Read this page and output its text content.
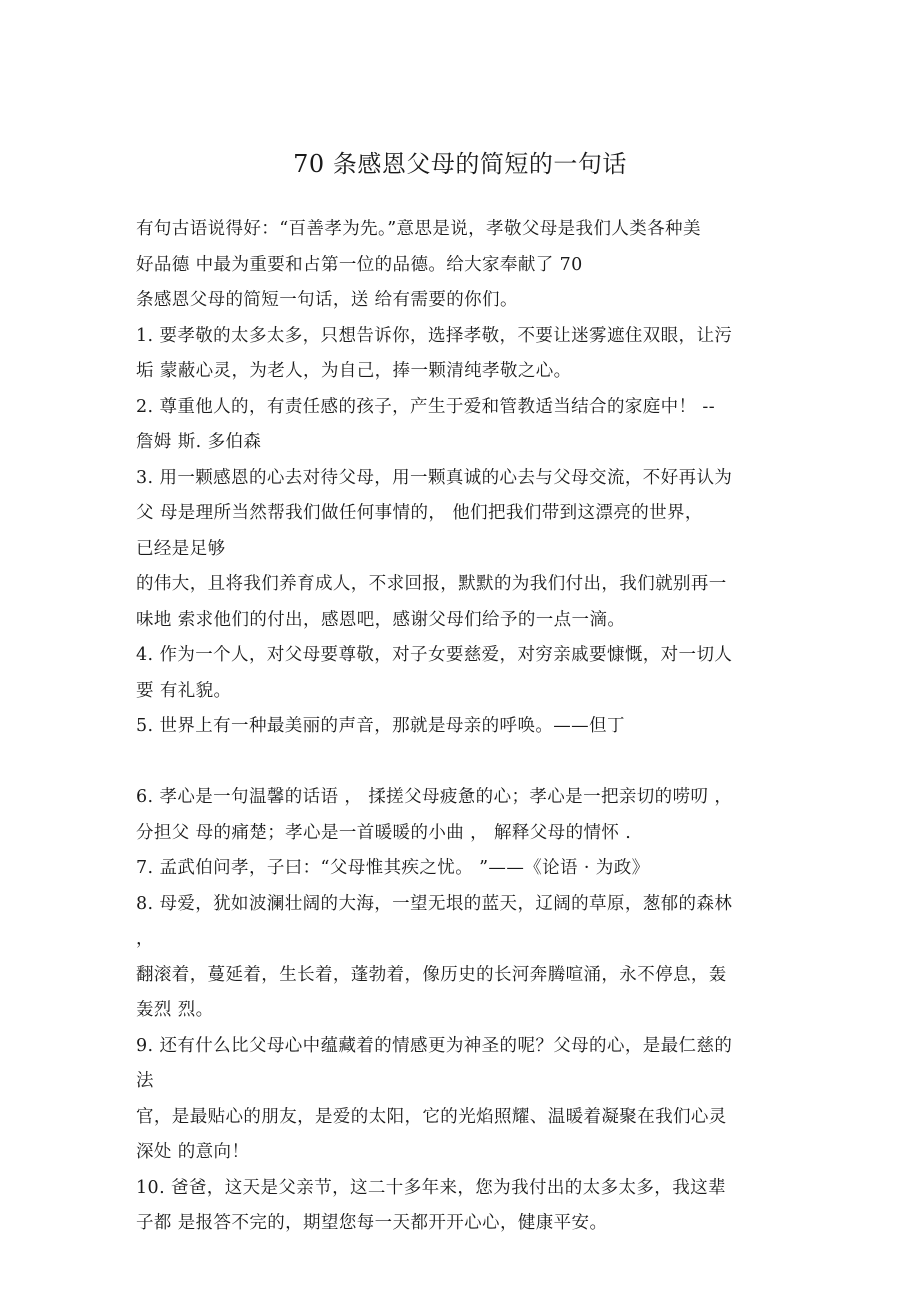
70 条感恩父母的简短的一句话
有句古语说得好：“百善孝为先。”意思是说，孝敬父母是我们人类各种美
好品德 中最为重要和占第一位的品德。给大家奉献了 70
条感恩父母的简短一句话，送 给有需要的你们。
1. 要孝敬的太多太多，只想告诉你，选择孝敬，不要让迷雾遮住双眼，让污
垢 蒙蔽心灵，为老人，为自己，捧一颗清纯孝敬之心。
2. 尊重他人的，有责任感的孩子，产生于爱和管教适当结合的家庭中！ --
詹姆 斯. 多伯森
3. 用一颗感恩的心去对待父母，用一颗真诚的心去与父母交流，不好再认为
父 母是理所当然帮我们做任何事情的， 他们把我们带到这漂亮的世界，
已经是足够
的伟大，且将我们养育成人，不求回报，默默的为我们付出，我们就别再一
味地 索求他们的付出，感恩吧，感谢父母们给予的一点一滴。
4. 作为一个人，对父母要尊敬，对子女要慈爱，对穷亲戚要慷慨，对一切人
要 有礼貌。
5. 世界上有一种最美丽的声音，那就是母亲的呼唤。——但丁
6. 孝心是一句温馨的话语 ， 揉搓父母疲惫的心；孝心是一把亲切的唠叨 ，
分担父 母的痛楚；孝心是一首暖暖的小曲 ， 解释父母的情怀 .
7. 孟武伯问孝，子曰：“父母惟其疾之忧。 ”——《论语 · 为政》
8. 母爱，犹如波澜壮阔的大海，一望无垠的蓝天，辽阔的草原，葱郁的森林
，
翻滚着，蔓延着，生长着，蓬勃着，像历史的长河奔腾喧涌，永不停息，轰
轰烈 烈。
9. 还有什么比父母心中蕴藏着的情感更为神圣的呢？父母的心，是最仁慈的
法
官，是最贴心的朋友，是爱的太阳，它的光焰照耀、温暖着凝聚在我们心灵
深处 的意向！
10. 爸爸，这天是父亲节，这二十多年来，您为我付出的太多太多，我这辈
子都 是报答不完的，期望您每一天都开开心心，健康平安。
